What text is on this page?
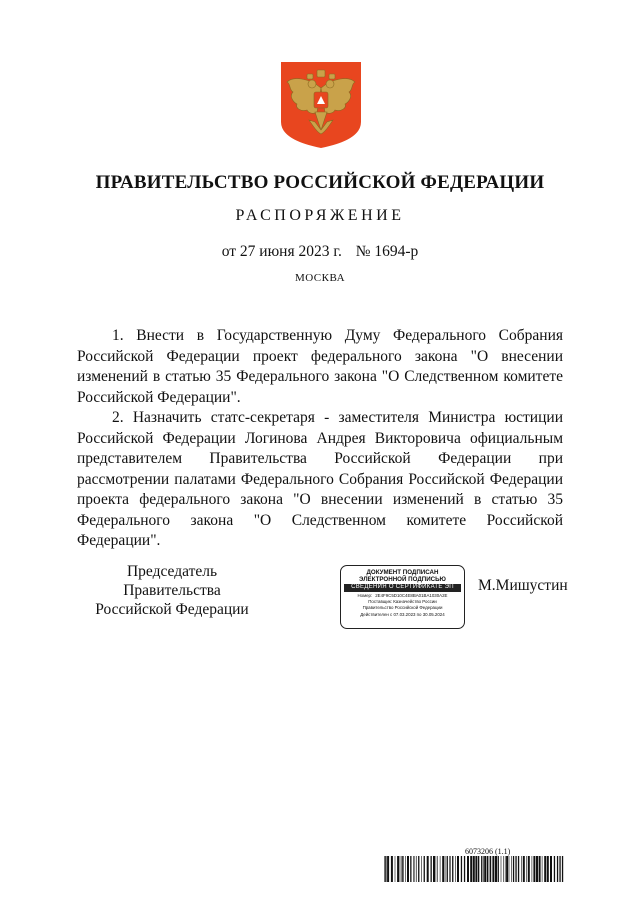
ПРАВИТЕЛЬСТВО РОССИЙСКОЙ ФЕДЕРАЦИИ
РАСПОРЯЖЕНИЕ
от 27 июня 2023 г. № 1694-р
МОСКВА

1. Внести в Государственную Думу Федерального Собрания Российской Федерации проект федерального закона "О внесении изменений в статью 35 Федерального закона "О Следственном комитете Российской Федерации".

2. Назначить статс-секретаря - заместителя Министра юстиции Российской Федерации Логинова Андрея Викторовича официальным представителем Правительства Российской Федерации при рассмотрении палатами Федерального Собрания Российской Федерации проекта федерального закона "О внесении изменений в статью 35 Федерального закона "О Следственном комитете Российской Федерации".

Председатель Правительства
Российской Федерации
ДОКУМЕНТ ПОДПИСАН
ЭЛЕКТРОННОЙ ПОДПИСЬЮ
СВЕДЕНИЯ О СЕРТИФИКАТЕ ЭП
Номер: 2E4F9C5D10C4E8BA01BA1030A2E
Поставщик: Казначейство России
Правительство Российской Федерации
Действителен с 07.03.2023 по 30.05.2024
М.Мишустин
6073206 (1.1)
